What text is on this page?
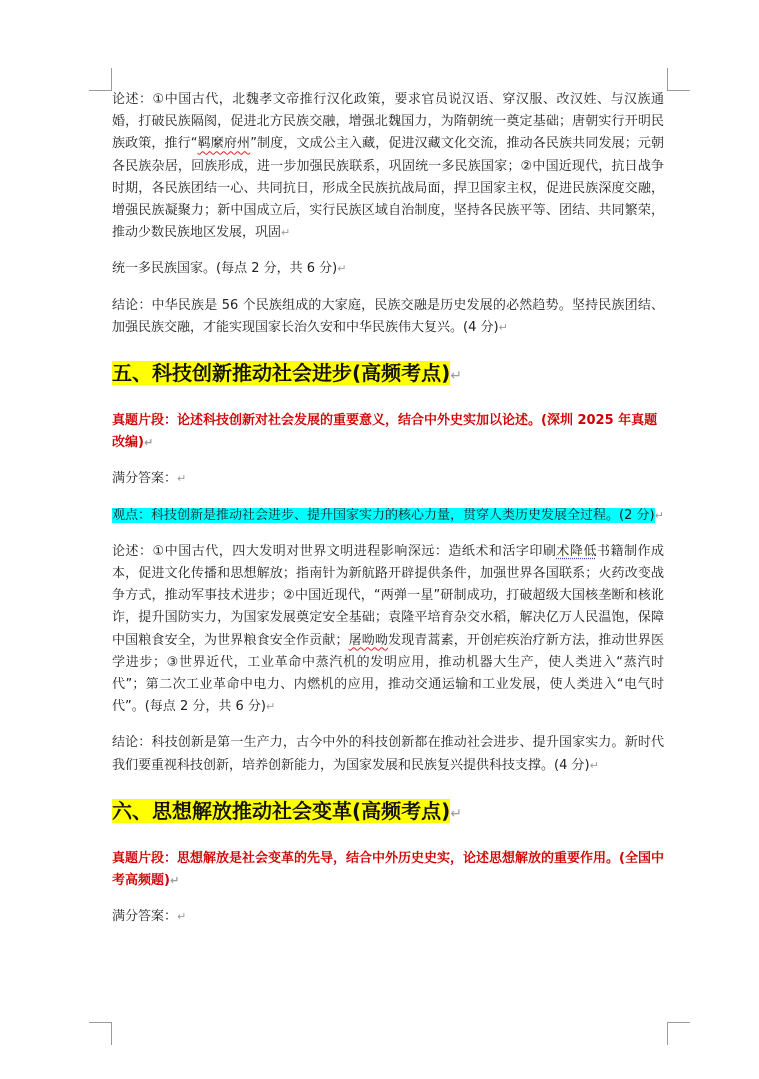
论述：①中国古代，北魏孝文帝推行汉化政策，要求官员说汉语、穿汉服、改汉姓、与汉族通婚，打破民族隔阂，促进北方民族交融，增强北魏国力，为隋朝统一奠定基础；唐朝实行开明民族政策，推行“羁縻府州”制度，文成公主入藏，促进汉藏文化交流，推动各民族共同发展；元朝各民族杂居，回族形成，进一步加强民族联系，巩固统一多民族国家；②中国近现代，抗日战争时期，各民族团结一心、共同抗日，形成全民族抗战局面，捍卫国家主权，促进民族深度交融，增强民族凝聚力；新中国成立后，实行民族区域自治制度，坚持各民族平等、团结、共同繁荣，推动少数民族地区发展，巩固↵

统一多民族国家。(每点 2 分，共 6 分)↵

结论：中华民族是 56 个民族组成的大家庭，民族交融是历史发展的必然趋势。坚持民族团结、加强民族交融，才能实现国家长治久安和中华民族伟大复兴。(4 分)↵

五、科技创新推动社会进步(高频考点)↵

真题片段：论述科技创新对社会发展的重要意义，结合中外史实加以论述。(深圳 2025 年真题改编)↵

满分答案：↵

观点：科技创新是推动社会进步、提升国家实力的核心力量，贯穿人类历史发展全过程。(2 分)↵

论述：①中国古代，四大发明对世界文明进程影响深远：造纸术和活字印刷术降低书籍制作成本，促进文化传播和思想解放；指南针为新航路开辟提供条件，加强世界各国联系；火药改变战争方式，推动军事技术进步；②中国近现代，“两弹一星”研制成功，打破超级大国核垄断和核讹诈，提升国防实力，为国家发展奠定安全基础；袁隆平培育杂交水稻，解决亿万人民温饱，保障中国粮食安全，为世界粮食安全作贡献；屠呦呦发现青蒿素，开创疟疾治疗新方法，推动世界医学进步；③世界近代，工业革命中蒸汽机的发明应用，推动机器大生产，使人类进入“蒸汽时代”；第二次工业革命中电力、内燃机的应用，推动交通运输和工业发展，使人类进入“电气时代”。(每点 2 分，共 6 分)↵

结论：科技创新是第一生产力，古今中外的科技创新都在推动社会进步、提升国家实力。新时代我们要重视科技创新，培养创新能力，为国家发展和民族复兴提供科技支撑。(4 分)↵

六、思想解放推动社会变革(高频考点)↵

真题片段：思想解放是社会变革的先导，结合中外历史史实，论述思想解放的重要作用。(全国中考高频题)↵

满分答案：↵
